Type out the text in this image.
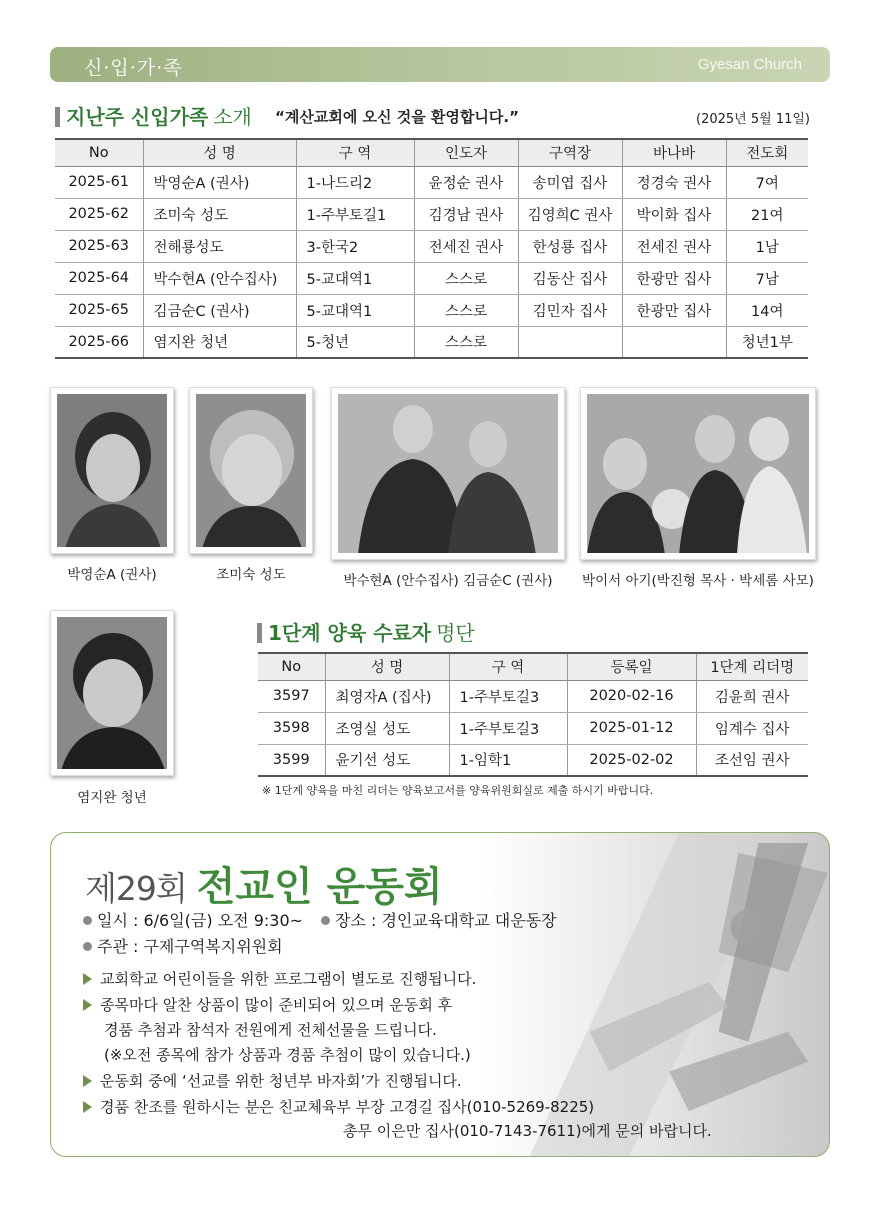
신·입·가·족	Gyesan Church
지난주 신입가족 소개 “계산교회에 오신 것을 환영합니다.”	(2025년 5월 11일)
No	성 명	구 역	인도자	구역장	바나바	전도회
2025-61	박영순A (권사)	1-나드리2	윤정순 권사	송미엽 집사	정경숙 권사	7여
2025-62	조미숙 성도	1-주부토길1	김경남 권사	김영희C 권사	박이화 집사	21여
2025-63	전해룡성도	3-한국2	전세진 권사	한성룡 집사	전세진 권사	1남
2025-64	박수현A (안수집사)	5-교대역1	스스로	김동산 집사	한광만 집사	7남
2025-65	김금순C (권사)	5-교대역1	스스로	김민자 집사	한광만 집사	14여
2025-66	염지완 청년	5-청년	스스로			청년1부
박영순A (권사)	조미숙 성도	박수현A (안수집사) 김금순C (권사)	박이서 아기(박진형 목사 · 박세롬 사모)
염지완 청년
1단계 양육 수료자 명단
No	성 명	구 역	등록일	1단계 리더명
3597	최영자A (집사)	1-주부토길3	2020-02-16	김윤희 권사
3598	조영실 성도	1-주부토길3	2025-01-12	임계수 집사
3599	윤기선 성도	1-임학1	2025-02-02	조선임 권사
※ 1단계 양육을 마친 리더는 양육보고서를 양육위원회실로 제출 하시기 바랍니다.
제29회 전교인 운동회
일시 : 6/6일(금) 오전 9:30~	장소 : 경인교육대학교 대운동장
주관 : 구제구역복지위원회
교회학교 어린이들을 위한 프로그램이 별도로 진행됩니다.
종목마다 알찬 상품이 많이 준비되어 있으며 운동회 후
경품 추첨과 참석자 전원에게 전체선물을 드립니다.
(※오전 종목에 참가 상품과 경품 추첨이 많이 있습니다.)
운동회 중에 ‘선교를 위한 청년부 바자회’가 진행됩니다.
경품 찬조를 원하시는 분은 친교체육부 부장 고경길 집사(010-5269-8225)
총무 이은만 집사(010-7143-7611)에게 문의 바랍니다.
